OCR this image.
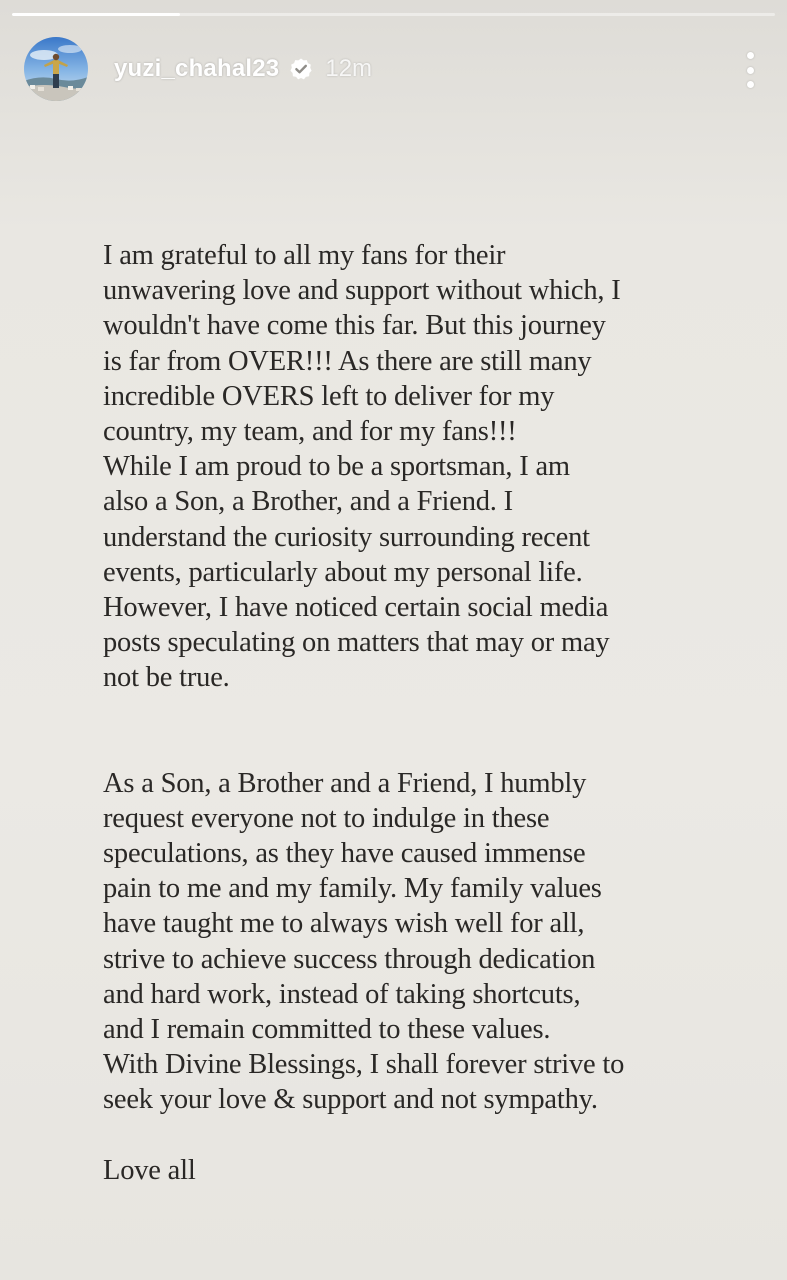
yuzi_chahal23 12m

I am grateful to all my fans for their
unwavering love and support without which, I
wouldn't have come this far. But this journey
is far from OVER!!! As there are still many
incredible OVERS left to deliver for my
country, my team, and for my fans!!!
While I am proud to be a sportsman, I am
also a Son, a Brother, and a Friend. I
understand the curiosity surrounding recent
events, particularly about my personal life.
However, I have noticed certain social media
posts speculating on matters that may or may
not be true.

As a Son, a Brother and a Friend, I humbly
request everyone not to indulge in these
speculations, as they have caused immense
pain to me and my family. My family values
have taught me to always wish well for all,
strive to achieve success through dedication
and hard work, instead of taking shortcuts,
and I remain committed to these values.
With Divine Blessings, I shall forever strive to
seek your love & support and not sympathy.

Love all
